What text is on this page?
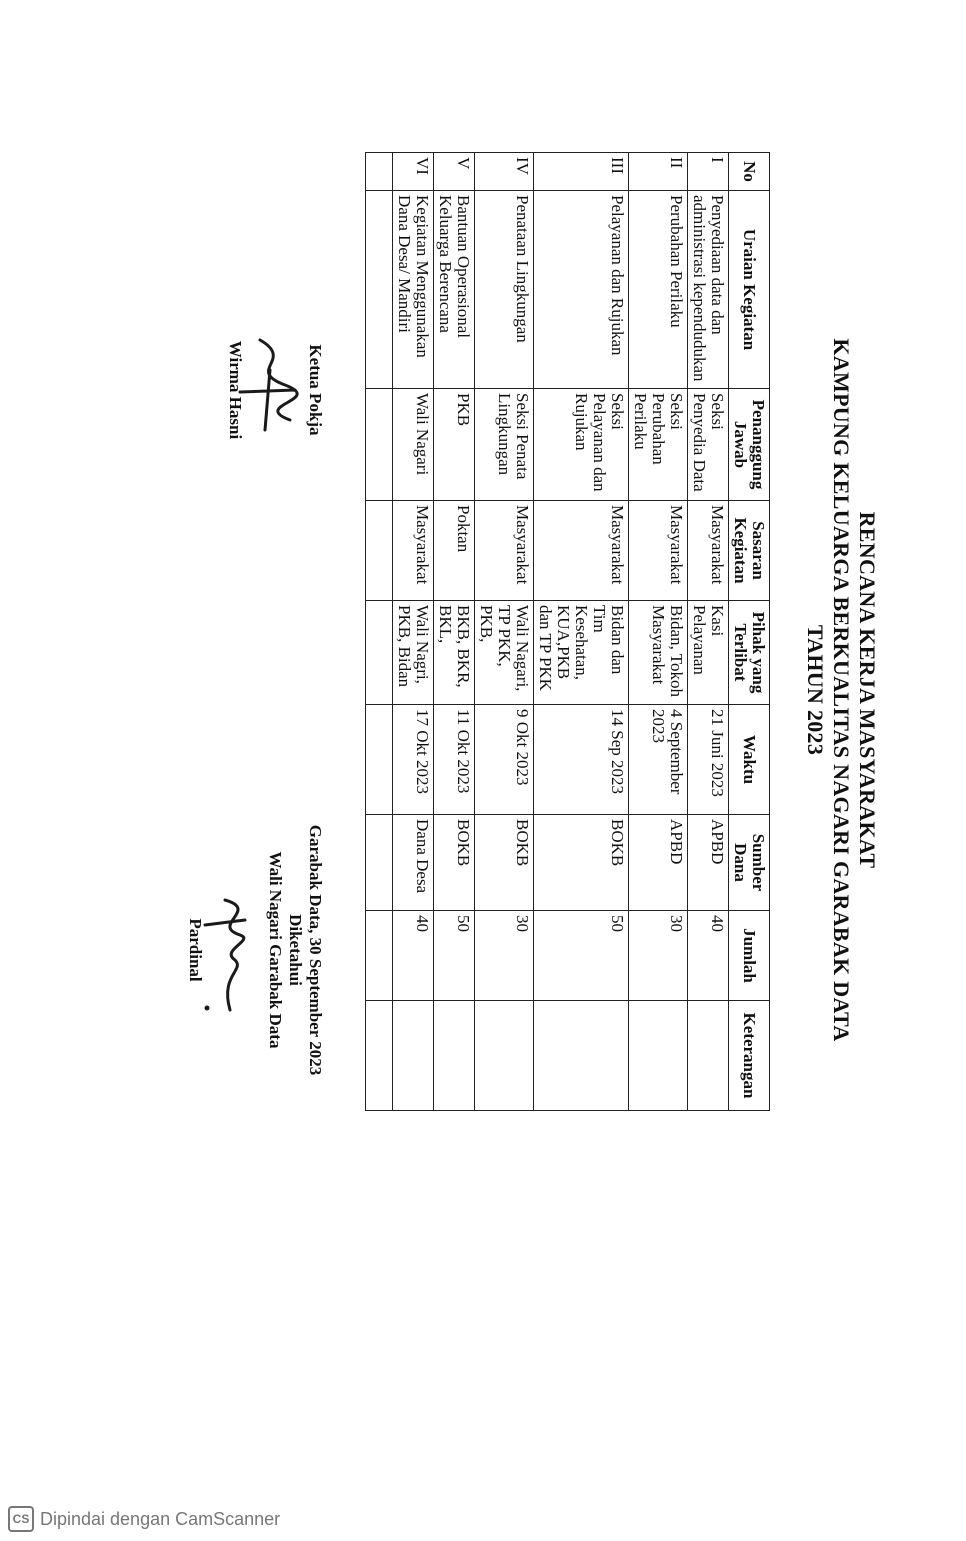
RENCANA KERJA MASYARAKAT
KAMPUNG KELUARGA BERKUALITAS NAGARI GARABAK DATA
TAHUN 2023
No	Uraian Kegiatan	Penanggung Jawab	Sasaran Kegiatan	Pihak yang Terlibat	Waktu	Sumber Dana	Jumlah	Keterangan
I	Penyediaan data dan administrasi kependudukan	Seksi Penyedia Data	Masyarakat	Kasi Pelayanan	21 Juni 2023	APBD	40	
II	Perubahan Perilaku	Seksi Perubahan Perilaku	Masyarakat	Bidan, Tokoh Masyarakat	4 September 2023	APBD	30	
III	Pelayanan dan Rujukan	Seksi Pelayanan dan Rujukan	Masyarakat	Bidan dan Tim Kesehatan, KUA,PKB dan TP PKK	14 Sep 2023	BOKB	50	
IV	Penataan Lingkungan	Seksi Penata Lingkungan	Masyarakat	Wali Nagari, TP PKK, PKB,	9 Okt 2023	BOKB	30	
V	Bantuan Operasional Keluarga Berencana	PKB	Poktan	BKB, BKR, BKL,	11 Okt 2023	BOKB	50	
VI	Kegiatan Menggunakan Dana Desa/ Mandiri	Wali Nagari	Masyarakat	Wali Nagri, PKB, Bidan	17 Okt 2023	Dana Desa	40	

Ketua Pokja
Wirma Hasni
Garabak Data, 30 September 2023
Diketahui
Wali Nagari Garabak Data
Pardinal
CS Dipindai dengan CamScanner
